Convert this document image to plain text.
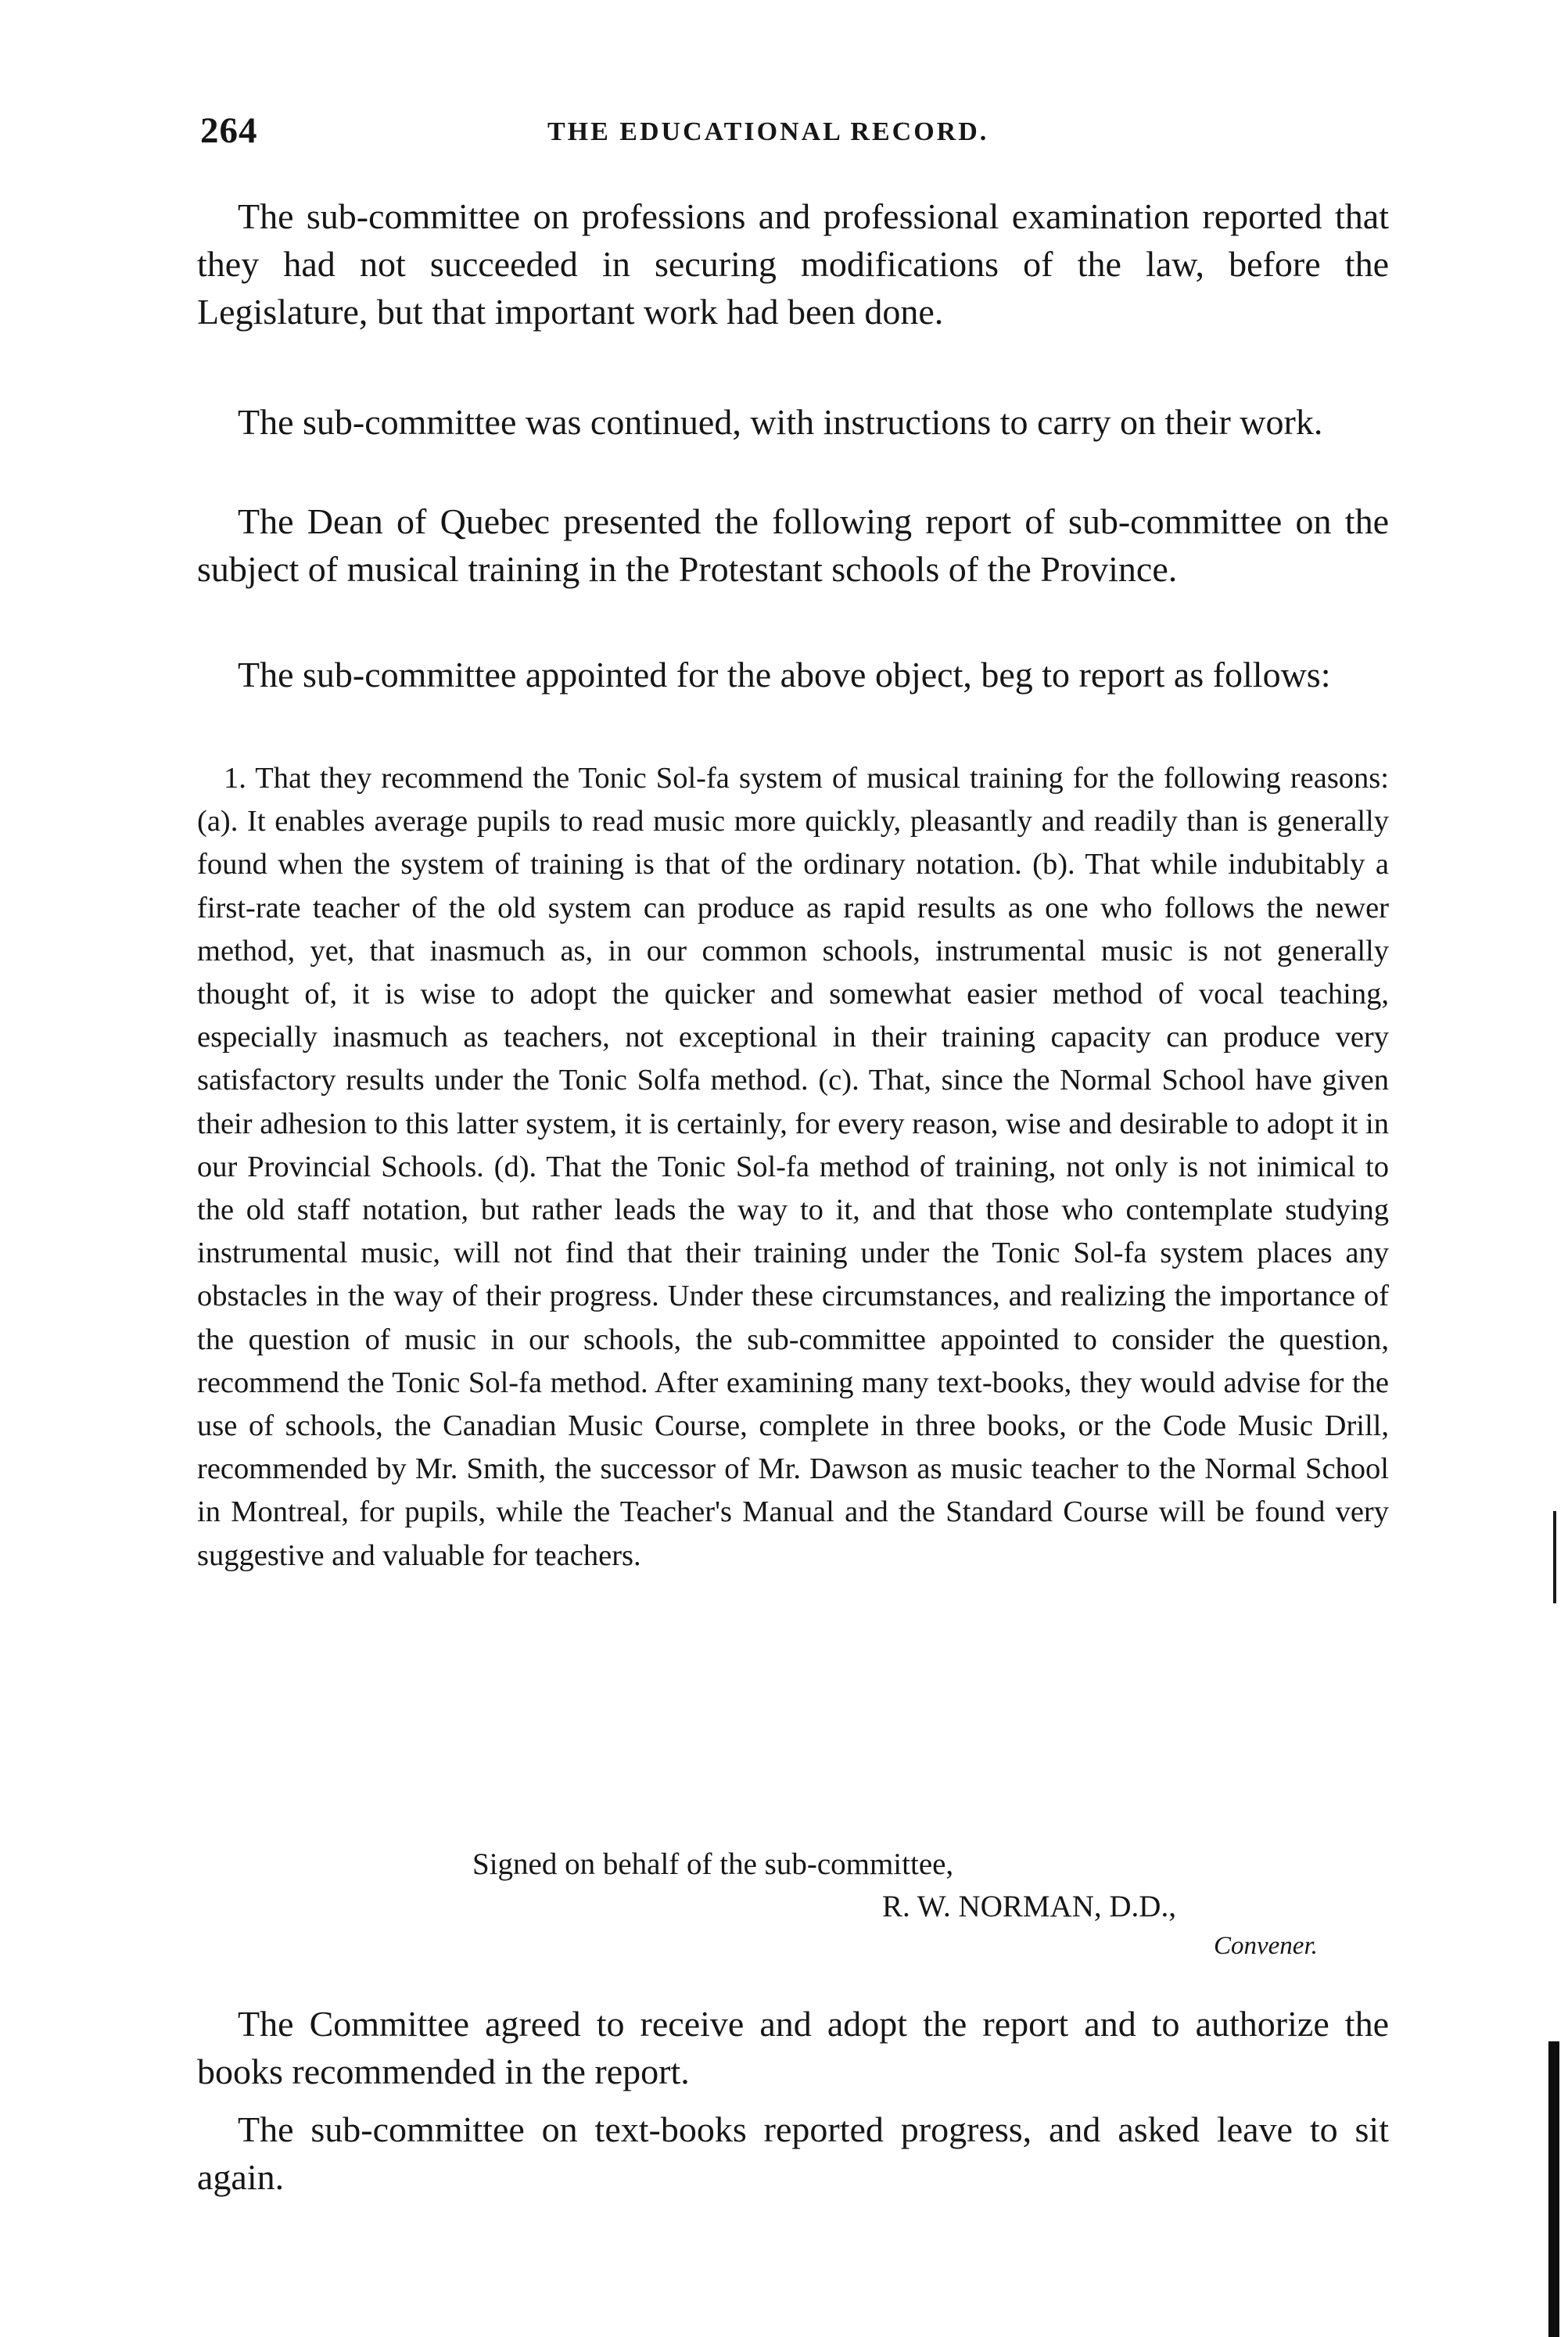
264	THE EDUCATIONAL RECORD.

The sub-committee on professions and professional examination reported that they had not succeeded in securing modifications of the law, before the Legislature, but that important work had been done.

The sub-committee was continued, with instructions to carry on their work.

The Dean of Quebec presented the following report of sub-committee on the subject of musical training in the Protestant schools of the Province.

The sub-committee appointed for the above object, beg to report as follows:

1. That they recommend the Tonic Sol-fa system of musical training for the following reasons: (a). It enables average pupils to read music more quickly, pleasantly and readily than is generally found when the system of training is that of the ordinary notation. (b). That while indubitably a first-rate teacher of the old system can produce as rapid results as one who follows the newer method, yet, that inasmuch as, in our common schools, instrumental music is not generally thought of, it is wise to adopt the quicker and somewhat easier method of vocal teaching, especially inasmuch as teachers, not exceptional in their training capacity can produce very satisfactory results under the Tonic Solfa method. (c). That, since the Normal School have given their adhesion to this latter system, it is certainly, for every reason, wise and desirable to adopt it in our Provincial Schools. (d). That the Tonic Sol-fa method of training, not only is not inimical to the old staff notation, but rather leads the way to it, and that those who contemplate studying instrumental music, will not find that their training under the Tonic Sol-fa system places any obstacles in the way of their progress. Under these circumstances, and realizing the importance of the question of music in our schools, the sub-committee appointed to consider the question, recommend the Tonic Sol-fa method. After examining many text-books, they would advise for the use of schools, the Canadian Music Course, complete in three books, or the Code Music Drill, recommended by Mr. Smith, the successor of Mr. Dawson as music teacher to the Normal School in Montreal, for pupils, while the Teacher's Manual and the Standard Course will be found very suggestive and valuable for teachers.

Signed on behalf of the sub-committee,
R. W. NORMAN, D.D.,
Convener.

The Committee agreed to receive and adopt the report and to authorize the books recommended in the report.

The sub-committee on text-books reported progress, and asked leave to sit again.
